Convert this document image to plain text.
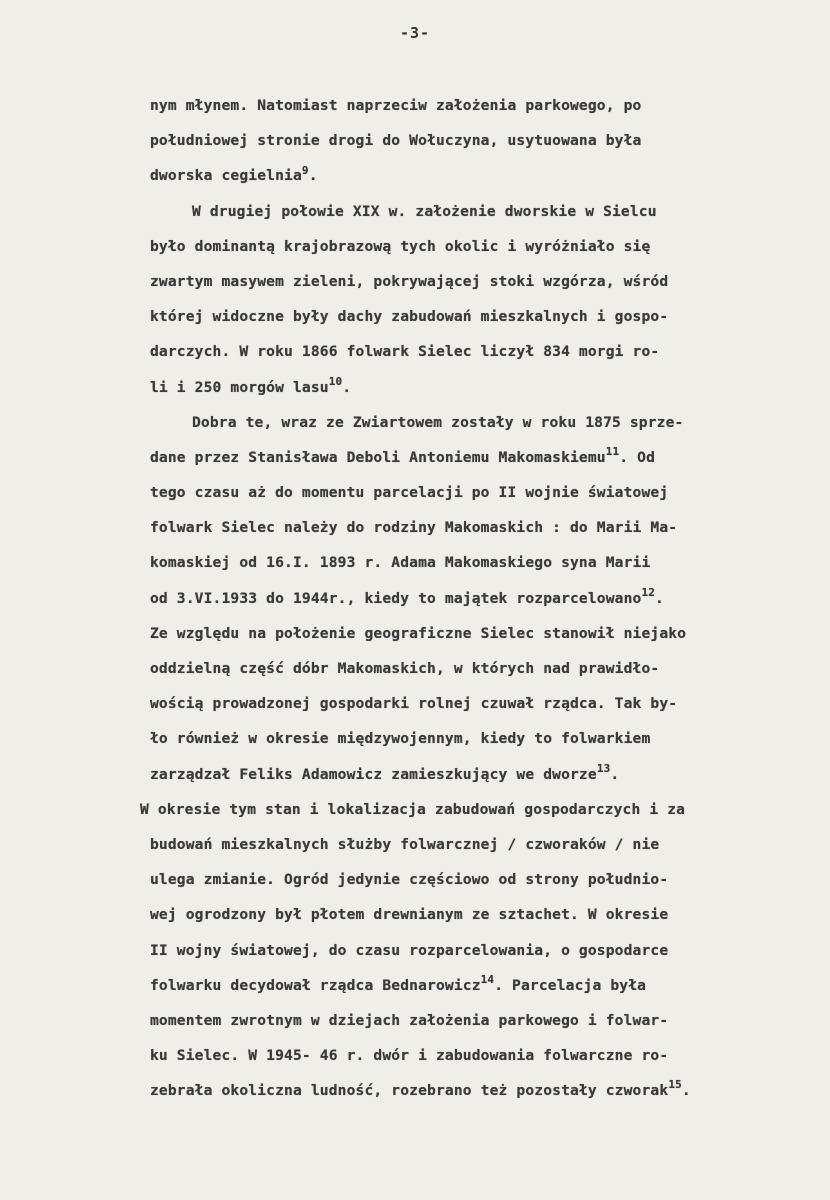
-3-
nym młynem. Natomiast naprzeciw założenia parkowego, po
południowej stronie drogi do Wołuczyna, usytuowana była
dworska cegielnia$^9$.
W drugiej połowie XIX w. założenie dworskie w Sielcu
było dominantą krajobrazową tych okolic i wyróżniało się
zwartym masywem zieleni, pokrywającej stoki wzgórza, wśród
której widoczne były dachy zabudowań mieszkalnych i gospo-
darczych. W roku 1866 folwark Sielec liczył 834 morgi ro-
li i 250 morgów lasu$^{10}$.
Dobra te, wraz ze Zwiartowem zostały w roku 1875 sprze-
dane przez Stanisława Deboli Antoniemu Makomaskiemu$^{11}$. Od
tego czasu aż do momentu parcelacji po II wojnie światowej
folwark Sielec należy do rodziny Makomaskich : do Marii Ma-
komaskiej od 16.I. 1893 r. Adama Makomaskiego syna Marii
od 3.VI.1933 do 1944r., kiedy to majątek rozparcelowano$^{12}$.
Ze względu na położenie geograficzne Sielec stanowił niejako
oddzielną część dóbr Makomaskich, w których nad prawidło-
wością prowadzonej gospodarki rolnej czuwał rządca. Tak by-
ło również w okresie międzywojennym, kiedy to folwarkiem
zarządzał Feliks Adamowicz zamieszkujący we dworze$^{13}$.
W okresie tym stan i lokalizacja zabudowań gospodarczych i za
budowań mieszkalnych służby folwarcznej / czworaków / nie
ulega zmianie. Ogród jedynie częściowo od strony południo-
wej ogrodzony był płotem drewnianym ze sztachet. W okresie
II wojny światowej, do czasu rozparcelowania, o gospodarce
folwarku decydował rządca Bednarowicz$^{14}$. Parcelacja była
momentem zwrotnym w dziejach założenia parkowego i folwar-
ku Sielec. W 1945- 46 r. dwór i zabudowania folwarczne ro-
zebrała okoliczna ludność, rozebrano też pozostały czworak$^{15}$.
